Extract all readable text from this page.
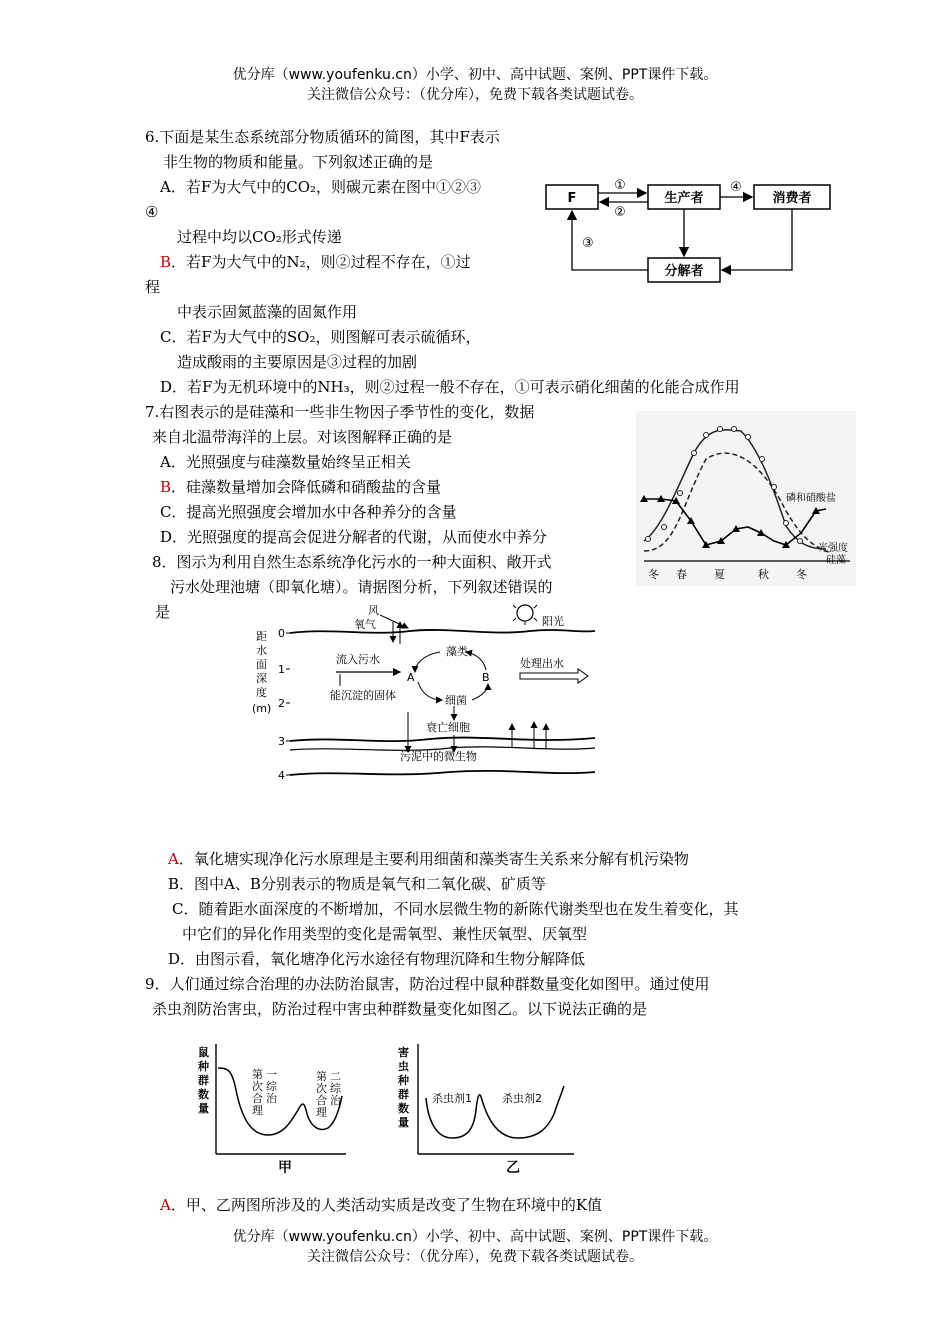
优分库（www.youfenku.cn）小学、初中、高中试题、案例、PPT课件下载。
关注微信公众号：（优分库），免费下载各类试题试卷。
6.下面是某生态系统部分物质循环的简图，其中F表示
非生物的物质和能量。下列叙述正确的是
A．若F为大气中的CO₂，则碳元素在图中①②③
④
过程中均以CO₂形式传递
B．若F为大气中的N₂，则②过程不存在，①过
程
中表示固氮蓝藻的固氮作用
C．若F为大气中的SO₂，则图解可表示硫循环，
造成酸雨的主要原因是③过程的加剧
D．若F为无机环境中的NH₃，则②过程一般不存在，①可表示硝化细菌的化能合成作用
F	生产者	消费者
分解者
①
②
④
③
7.右图表示的是硅藻和一些非生物因子季节性的变化，数据
来自北温带海洋的上层。对该图解释正确的是
A．光照强度与硅藻数量始终呈正相关
B．硅藻数量增加会降低磷和硝酸盐的含量
C．提高光照强度会增加水中各种养分的含量
D．光照强度的提高会促进分解者的代谢，从而使水中养分
磷和硝酸盐
光强度
硅藻
冬 春 夏	秋 冬
8．图示为利用自然生态系统净化污水的一种大面积、敞开式
污水处理池塘（即氧化塘）。请据图分析，下列叙述错误的
是
距
水
面
深
度
(m)
0
1
2
3
4
风
氧气	阳光
流入污水
能沉淀的固体
藻类
细菌
A	B
处理出水
衰亡细胞
污泥中的微生物
A．氧化塘实现净化污水原理是主要利用细菌和藻类寄生关系来分解有机污染物
B．图中A、B分别表示的物质是氧气和二氧化碳、矿质等
C．随着距水面深度的不断增加，不同水层微生物的新陈代谢类型也在发生着变化，其
中它们的异化作用类型的变化是需氧型、兼性厌氧型、厌氧型
D．由图示看，氧化塘净化污水途径有物理沉降和生物分解降低
9．人们通过综合治理的办法防治鼠害，防治过程中鼠种群数量变化如图甲。通过使用
杀虫剂防治害虫，防治过程中害虫种群数量变化如图乙。以下说法正确的是
鼠
种
群
数
量
第 一
次 综
合 治
理
第 二
次 综
合 治
理
甲
害
虫
种
群
数
量
杀虫剂1	杀虫剂2
乙
A．甲、乙两图所涉及的人类活动实质是改变了生物在环境中的K值
优分库（www.youfenku.cn）小学、初中、高中试题、案例、PPT课件下载。
关注微信公众号：（优分库），免费下载各类试题试卷。
